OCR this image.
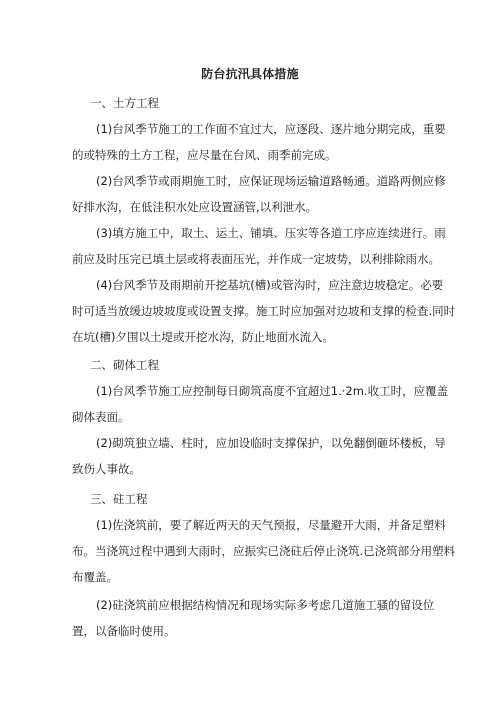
防台抗汛具体措施
一、土方工程
(1)台风季节施工的工作面不宜过大，应逐段、逐片地分期完成，重要
的或特殊的土方工程，应尽量在台风、雨季前完成。
(2)台风季节或雨期施工时，应保证现场运输道路畅通。道路两侧应修
好排水沟，在低洼积水处应设置涵管,以利泄水。
(3)填方施工中，取土、运土、铺填、压实等各道工序应连续进行。雨
前应及时压完已填土层或将表面压光，并作成一定坡势，以利排除雨水。
(4)台风季节及雨期前开挖基坑(槽)或管沟时，应注意边坡稳定。必要
时可适当放缓边坡坡度或设置支撑。施工时应加强对边坡和支撑的检查.同时
在坑(槽)夕围以土堤或开挖水沟，防止地面水流入。
二、砌体工程
(1)台风季节施工应控制每日砌筑高度不宜超过1.·2m.收工时，应覆盖
砌体表面。
(2)砌筑独立墙、柱时，应加设临时支撑保护，以免翻倒砸坏楼板，导
致伤人事故。
三、砫工程
(1)佐浇筑前，要了解近两天的天气预报，尽量避开大雨，并备足塑料
布。当浇筑过程中遇到大雨时，应振实已浇砫后停止浇筑.已浇筑部分用塑料
布覆盖。
(2)砫浇筑前应根据结构情况和现场实际多考虑几道施工骚的留设位
置，以备临时使用。
